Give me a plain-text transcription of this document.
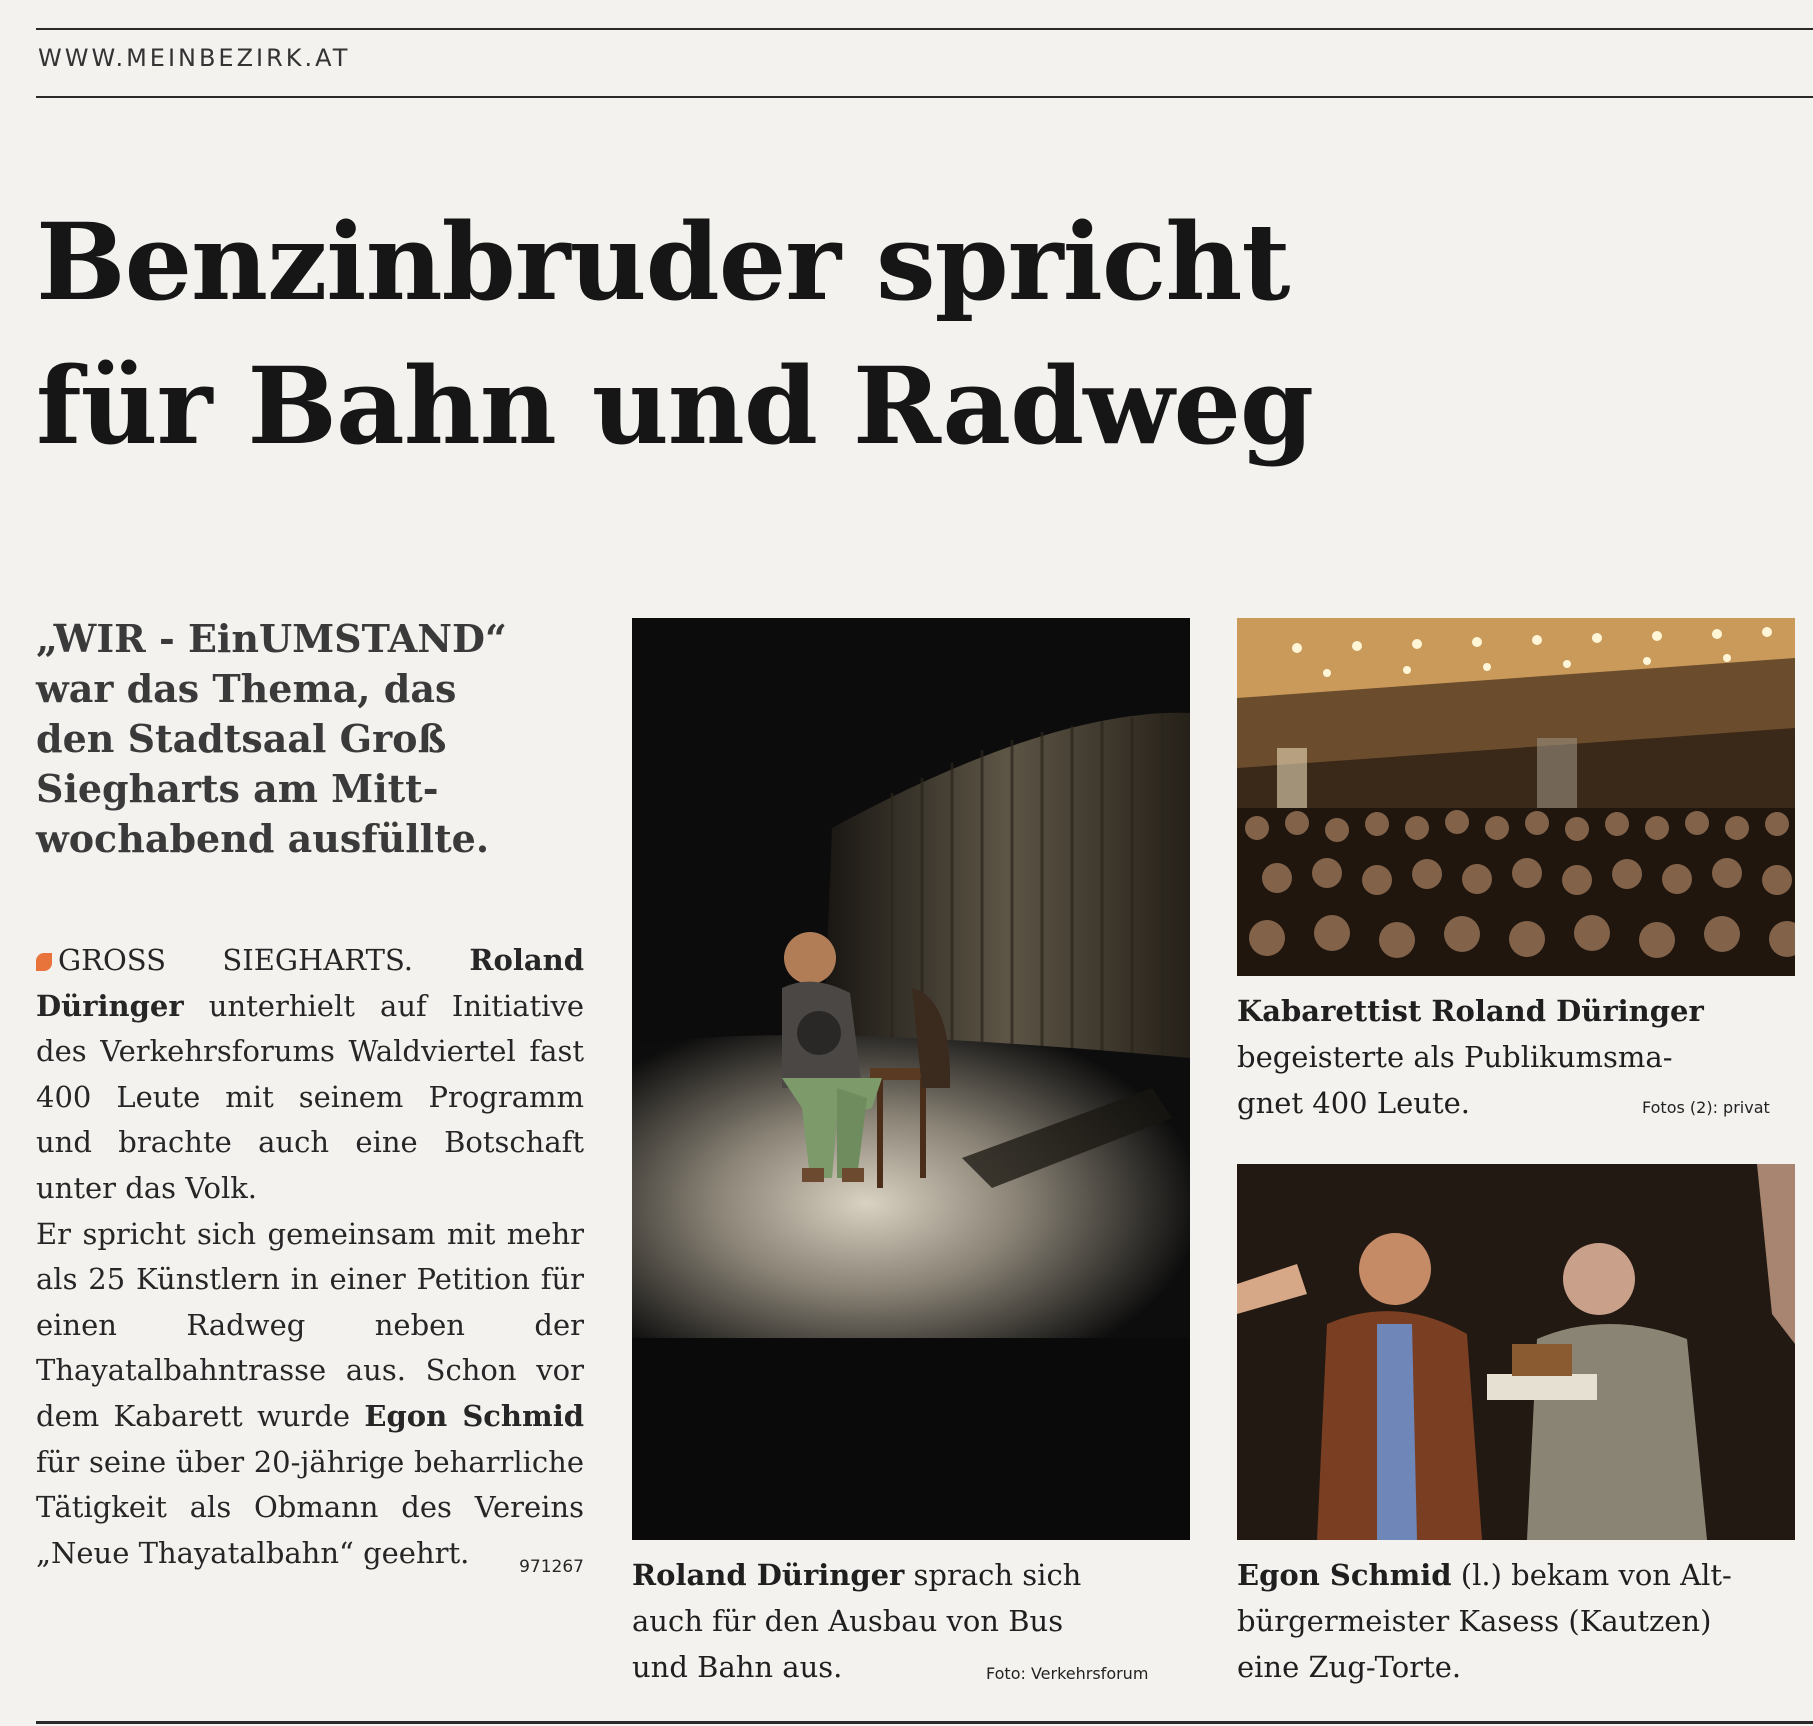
WWW.MEINBEZIRK.AT
Benzinbruder spricht
für Bahn und Radweg
„WIR - EinUMSTAND“
war das Thema, das
den Stadtsaal Groß
Siegharts am Mitt-
wochabend ausfüllte.

GROSS SIEGHARTS. Roland Düringer unterhielt auf Initiative des Verkehrsforums Waldviertel fast 400 Leute mit seinem Programm und brachte auch eine Botschaft unter das Volk.

Er spricht sich gemeinsam mit mehr als 25 Künstlern in einer Petition für einen Radweg neben der Thayatalbahntrasse aus. Schon vor dem Kabarett wurde Egon Schmid für seine über 20-jährige beharrliche Tätigkeit als Obmann des Vereins „Neue Thayatalbahn“ geehrt.	971267 Roland Düringer sprach sich
auch für den Ausbau von Bus
und Bahn aus.	Foto: Verkehrsforum
Kabarettist Roland Düringer
begeisterte als Publikumsma-
gnet 400 Leute.	Fotos (2): privat
Egon Schmid (l.) bekam von Alt-
bürgermeister Kasess (Kautzen)
eine Zug-Torte.
